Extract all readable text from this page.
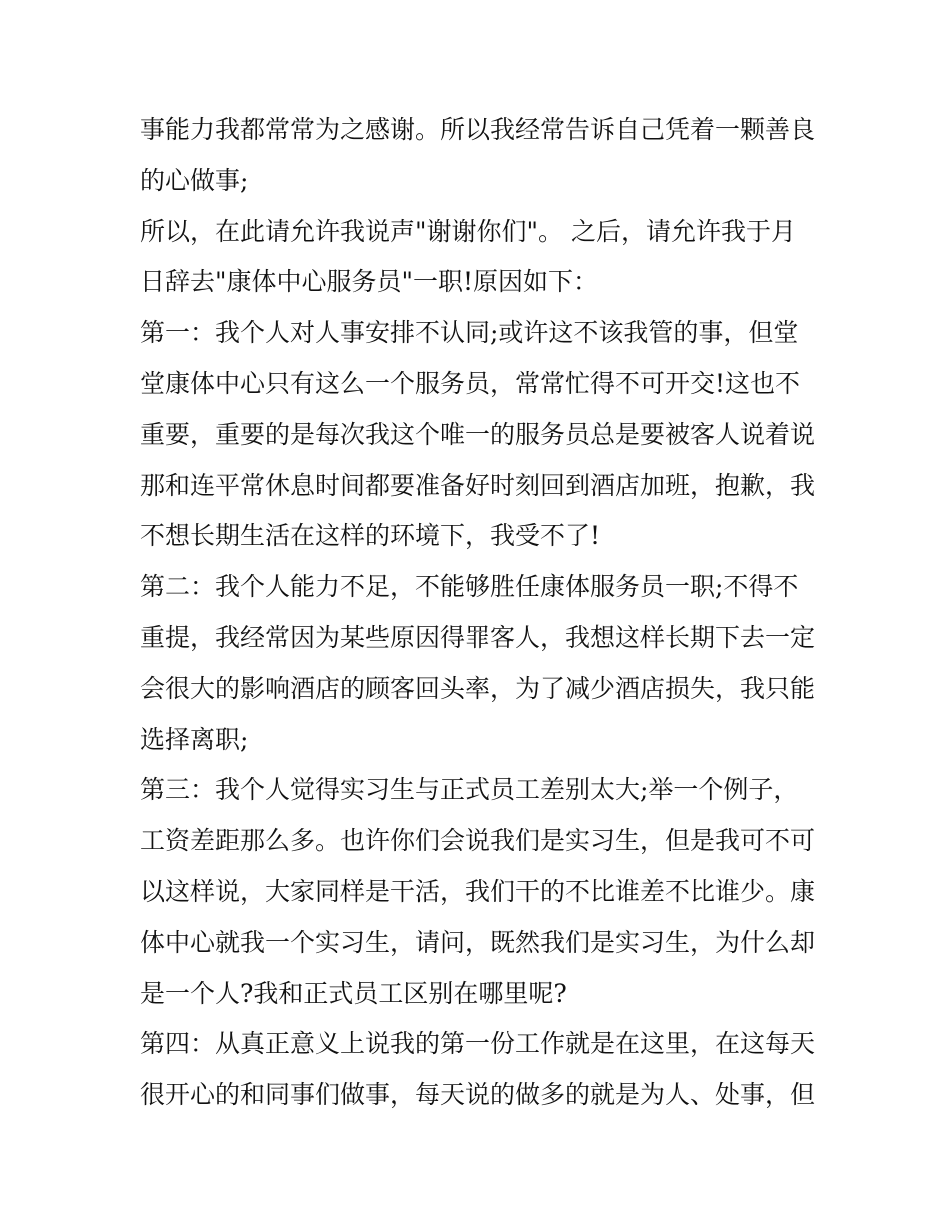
事能力我都常常为之感谢。所以我经常告诉自己凭着一颗善良

的心做事;

所以，在此请允许我说声"谢谢你们"。 之后，请允许我于月

日辞去"康体中心服务员"一职!原因如下：

第一：我个人对人事安排不认同;或许这不该我管的事，但堂

堂康体中心只有这么一个服务员，常常忙得不可开交!这也不

重要，重要的是每次我这个唯一的服务员总是要被客人说着说

那和连平常休息时间都要准备好时刻回到酒店加班，抱歉，我

不想长期生活在这样的环境下，我受不了!

第二：我个人能力不足，不能够胜任康体服务员一职;不得不

重提，我经常因为某些原因得罪客人，我想这样长期下去一定

会很大的影响酒店的顾客回头率，为了减少酒店损失，我只能

选择离职;

第三：我个人觉得实习生与正式员工差别太大;举一个例子，

工资差距那么多。也许你们会说我们是实习生，但是我可不可

以这样说，大家同样是干活，我们干的不比谁差不比谁少。康

体中心就我一个实习生，请问，既然我们是实习生，为什么却

是一个人?我和正式员工区别在哪里呢?

第四：从真正意义上说我的第一份工作就是在这里，在这每天

很开心的和同事们做事，每天说的做多的就是为人、处事，但
